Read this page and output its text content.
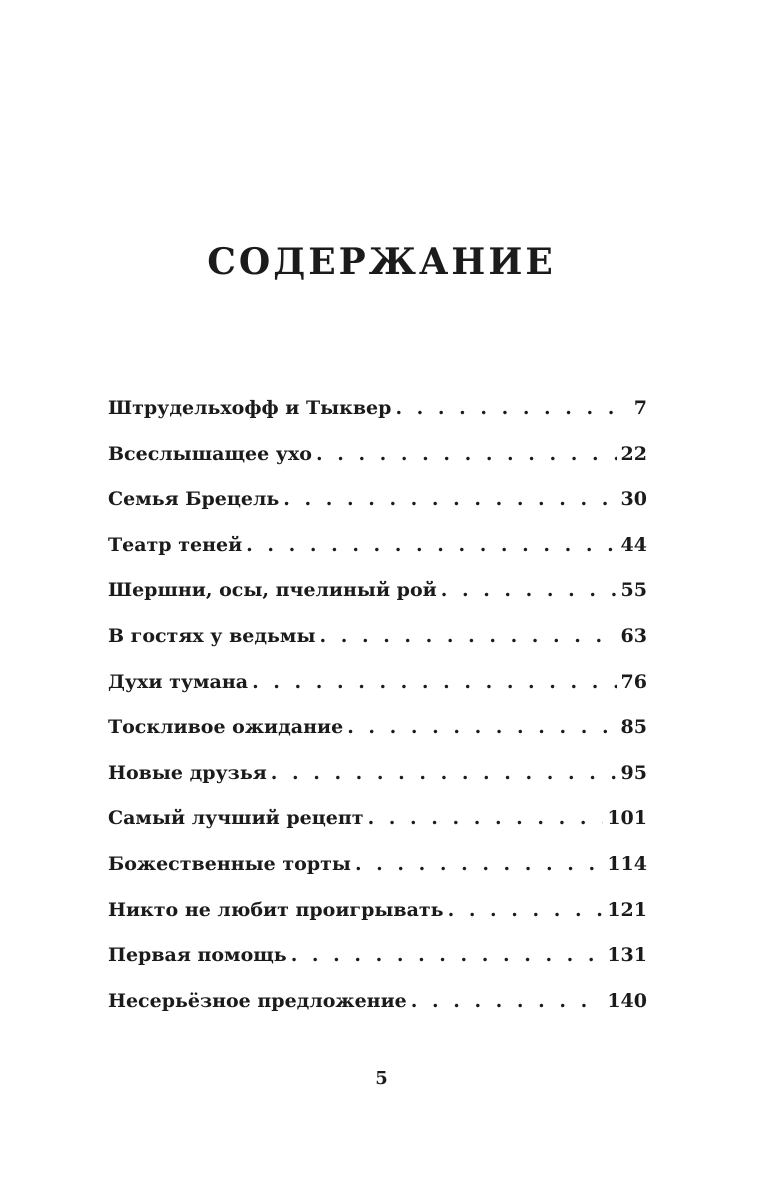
СОДЕРЖАНИЕ
Штрудельхофф и Тыквер . . .	7
Всеслышащее ухо . . .	22
Семья Брецель . . .	30
Театр теней . . .	44
Шершни, осы, пчелиный рой . . .	55
В гостях у ведьмы . . .	63
Духи тумана . . .	76
Тоскливое ожидание . . .	85
Новые друзья . . .	95
Самый лучший рецепт . . .	101
Божественные торты . . .	114
Никто не любит проигрывать . . .	121
Первая помощь . . .	131
Несерьёзное предложение . . .	140
5
